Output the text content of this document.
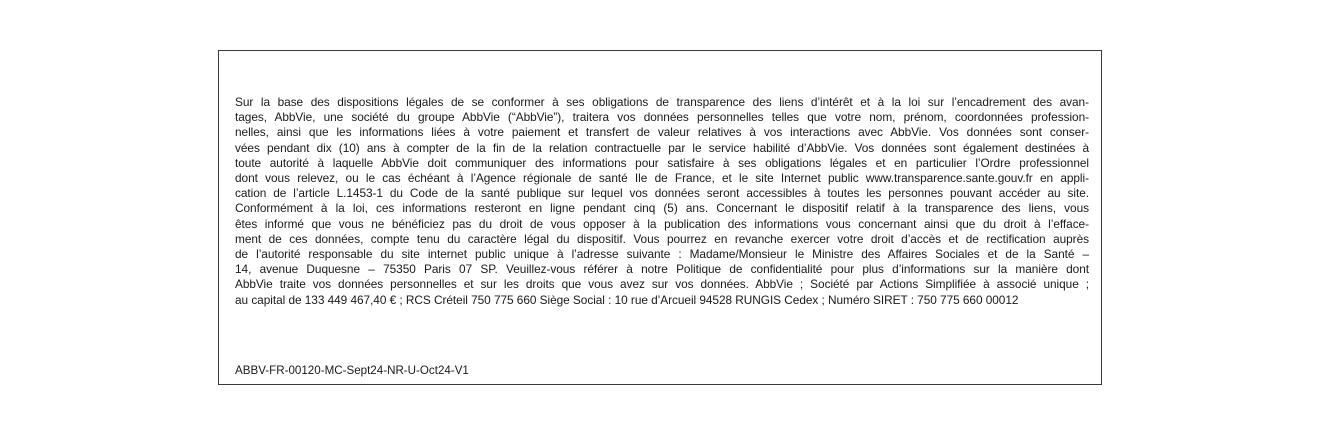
Sur la base des dispositions légales de se conformer à ses obligations de transparence des liens d’intérêt et à la loi sur l’encadrement des avan-
tages, AbbVie, une société du groupe AbbVie (“AbbVie”), traitera vos données personnelles telles que votre nom, prénom, coordonnées profession-
nelles, ainsi que les informations liées à votre paiement et transfert de valeur relatives à vos interactions avec AbbVie. Vos données sont conser-
vées pendant dix (10) ans à compter de la fin de la relation contractuelle par le service habilité d’AbbVie. Vos données sont également destinées à
toute autorité à laquelle AbbVie doit communiquer des informations pour satisfaire à ses obligations légales et en particulier l’Ordre professionnel
dont vous relevez, ou le cas échéant à l’Agence régionale de santé Ile de France, et le site Internet public www.transparence.sante.gouv.fr en appli-
cation de l’article L.1453-1 du Code de la santé publique sur lequel vos données seront accessibles à toutes les personnes pouvant accéder au site.
Conformément à la loi, ces informations resteront en ligne pendant cinq (5) ans. Concernant le dispositif relatif à la transparence des liens, vous
êtes informé que vous ne bénéficiez pas du droit de vous opposer à la publication des informations vous concernant ainsi que du droit à l’efface-
ment de ces données, compte tenu du caractère légal du dispositif. Vous pourrez en revanche exercer votre droit d’accès et de rectification auprès
de l’autorité responsable du site internet public unique à l’adresse suivante : Madame/Monsieur le Ministre des Affaires Sociales et de la Santé –
14, avenue Duquesne – 75350 Paris 07 SP. Veuillez-vous référer à notre Politique de confidentialité pour plus d’informations sur la manière dont
AbbVie traite vos données personnelles et sur les droits que vous avez sur vos données. AbbVie ; Société par Actions Simplifiée à associé unique ;
au capital de 133 449 467,40 € ; RCS Créteil 750 775 660 Siège Social : 10 rue d’Arcueil 94528 RUNGIS Cedex ; Numéro SIRET : 750 775 660 00012

ABBV-FR-00120-MC-Sept24-NR-U-Oct24-V1
